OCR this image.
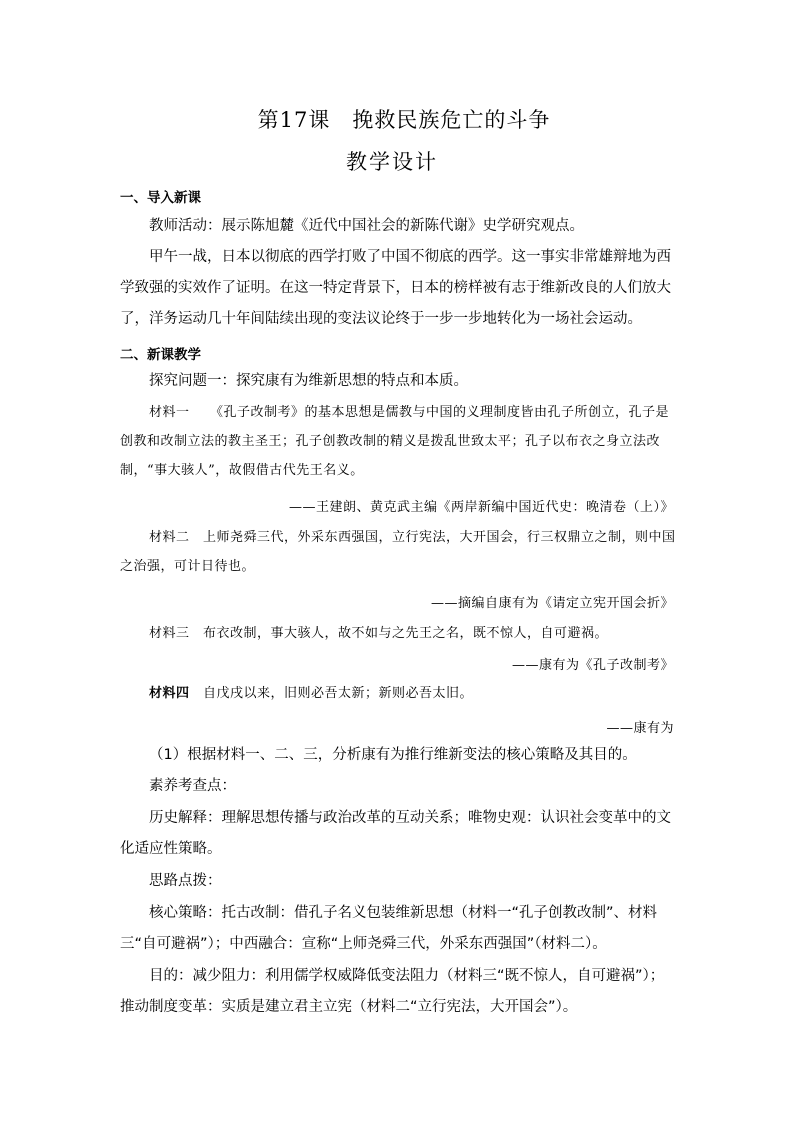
第17课　挽救民族危亡的斗争
教学设计
一、导入新课
教师活动：展示陈旭麓《近代中国社会的新陈代谢》史学研究观点。
甲午一战，日本以彻底的西学打败了中国不彻底的西学。这一事实非常雄辩地为西学致强的实效作了证明。在这一特定背景下，日本的榜样被有志于维新改良的人们放大了，洋务运动几十年间陆续出现的变法议论终于一步一步地转化为一场社会运动。
二、新课教学
探究问题一：探究康有为维新思想的特点和本质。
材料一　　 《孔子改制考》的基本思想是儒教与中国的义理制度皆由孔子所创立，孔子是创教和改制立法的教主圣王；孔子创教改制的精义是拨乱世致太平；孔子以布衣之身立法改制，“事大骇人”，故假借古代先王名义。
——王建朗、黄克武主编《两岸新编中国近代史：晚清卷（上）》
材料二　 上师尧舜三代，外采东西强国，立行宪法，大开国会，行三权鼎立之制，则中国之治强，可计日待也。
——摘编自康有为《请定立宪开国会折》
材料三　 布衣改制，事大骇人，故不如与之先王之名，既不惊人，自可避祸。
——康有为《孔子改制考》
材料四　 自戊戌以来，旧则必吾太新；新则必吾太旧。
——康有为
（1）根据材料一、二、三，分析康有为推行维新变法的核心策略及其目的。
素养考查点：
历史解释：理解思想传播与政治改革的互动关系；唯物史观：认识社会变革中的文化适应性策略。
思路点拨：
核心策略：托古改制：借孔子名义包装维新思想（材料一“孔子创教改制”、材料三“自可避祸”）；中西融合：宣称“上师尧舜三代，外采东西强国”（材料二）。
目的：减少阻力：利用儒学权威降低变法阻力（材料三“既不惊人，自可避祸”）；推动制度变革：实质是建立君主立宪（材料二“立行宪法，大开国会”）。
